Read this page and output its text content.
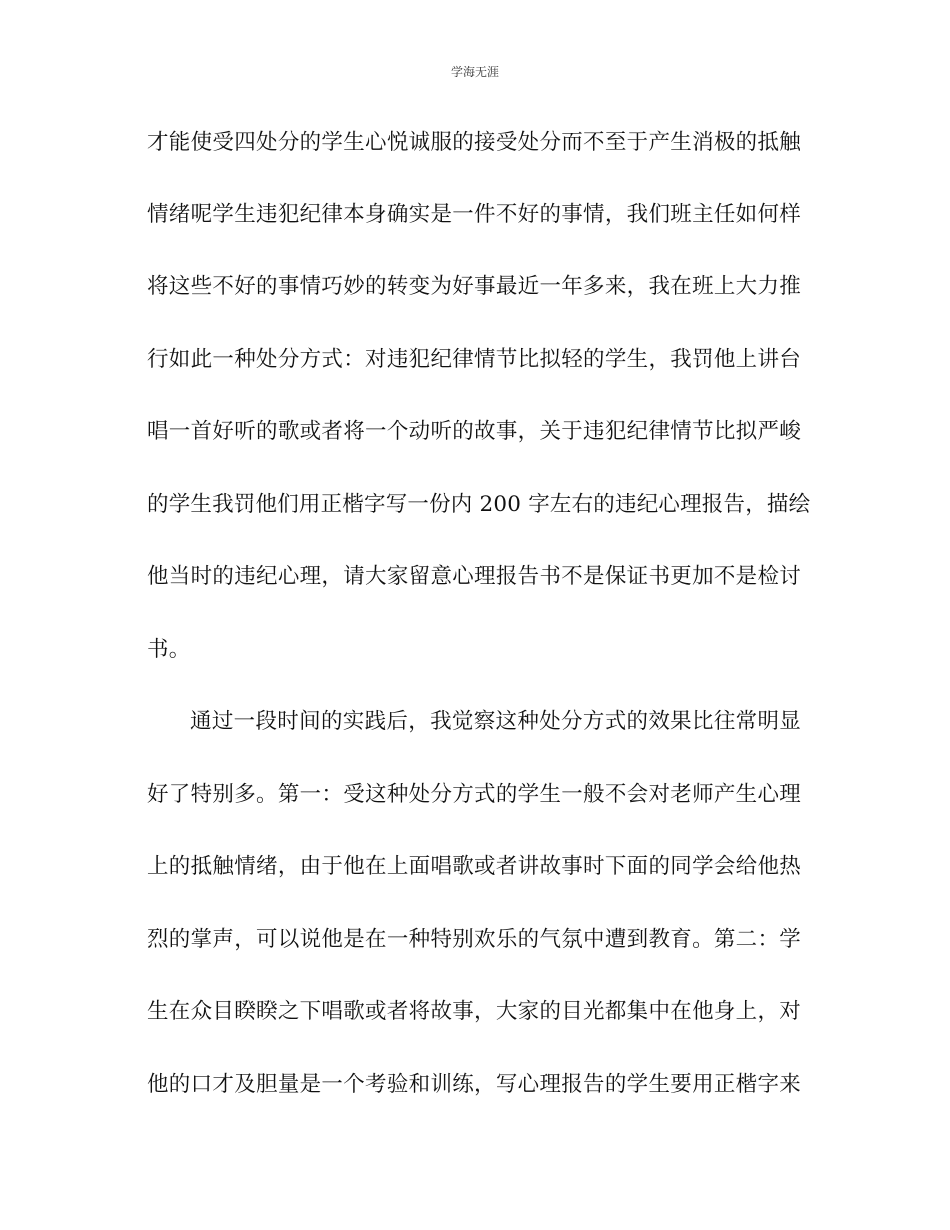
学海无涯
才能使受四处分的学生心悦诚服的接受处分而不至于产生消极的抵触
情绪呢学生违犯纪律本身确实是一件不好的事情，我们班主任如何样
将这些不好的事情巧妙的转变为好事最近一年多来，我在班上大力推
行如此一种处分方式：对违犯纪律情节比拟轻的学生，我罚他上讲台
唱一首好听的歌或者将一个动听的故事，关于违犯纪律情节比拟严峻
的学生我罚他们用正楷字写一份内 200 字左右的违纪心理报告，描绘
他当时的违纪心理，请大家留意心理报告书不是保证书更加不是检讨
书。
通过一段时间的实践后，我觉察这种处分方式的效果比往常明显
好了特别多。第一：受这种处分方式的学生一般不会对老师产生心理
上的抵触情绪，由于他在上面唱歌或者讲故事时下面的同学会给他热
烈的掌声，可以说他是在一种特别欢乐的气氛中遭到教育。第二：学
生在众目睽睽之下唱歌或者将故事，大家的目光都集中在他身上，对
他的口才及胆量是一个考验和训练，写心理报告的学生要用正楷字来
